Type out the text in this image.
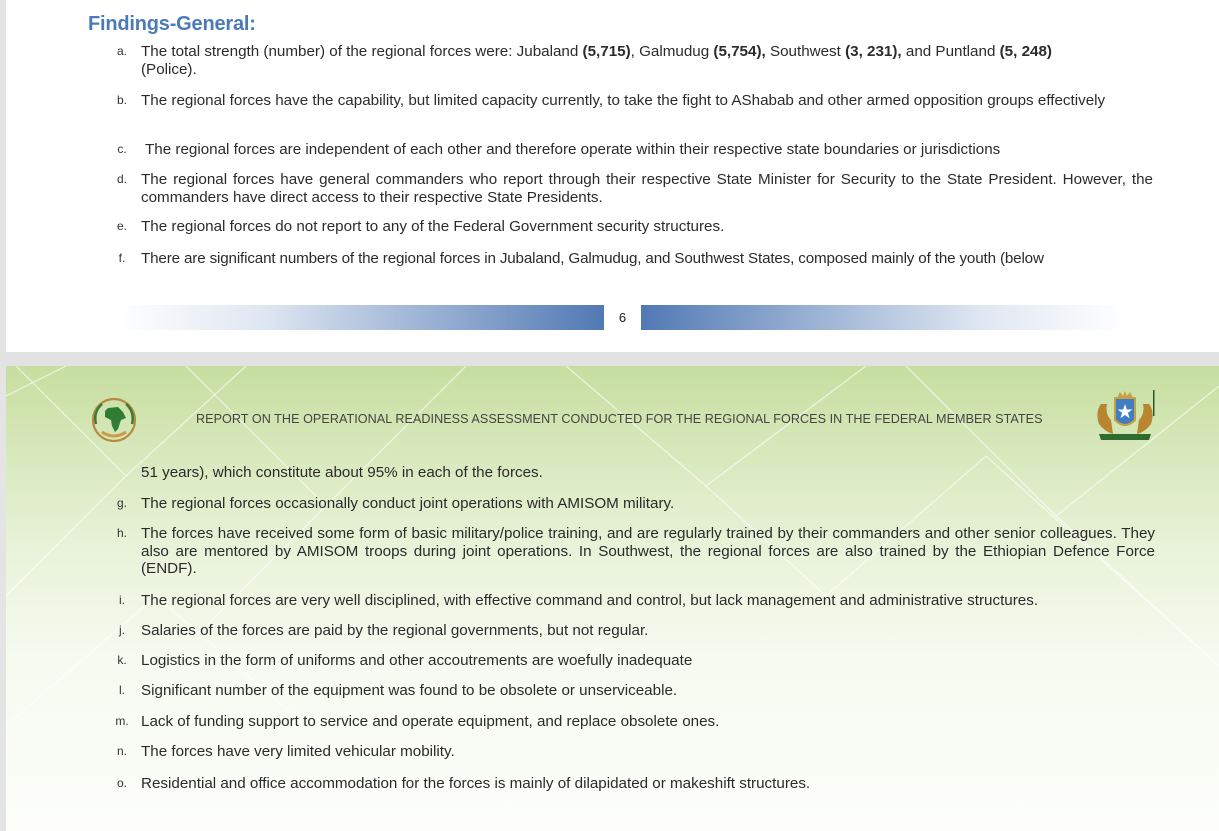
Findings-General:
a. The total strength (number) of the regional forces were: Jubaland (5,715), Galmudug (5,754), Southwest (3, 231), and Puntland (5, 248)
(Police).
b. The regional forces have the capability, but limited capacity currently, to take the fight to AShabab and other armed opposition groups effectively
c.	The regional forces are independent of each other and therefore operate within their respective state boundaries or jurisdictions
d. The regional forces have general commanders who report through their respective State Minister for Security to the State President. However, the commanders have direct access to their respective State Presidents.
e. The regional forces do not report to any of the Federal Government security structures.
f.	There are significant numbers of the regional forces in Jubaland, Galmudug, and Southwest States, composed mainly of the youth (below
6
REPORT ON THE OPERATIONAL READINESS ASSESSMENT CONDUCTED FOR THE REGIONAL FORCES IN THE FEDERAL MEMBER STATES
51 years), which constitute about 95% in each of the forces.
g. The regional forces occasionally conduct joint operations with AMISOM military.
h. The forces have received some form of basic military/police training, and are regularly trained by their commanders and other senior colleagues. They also are mentored by AMISOM troops during joint operations. In Southwest, the regional forces are also trained by the Ethiopian Defence Force (ENDF).
i.	The regional forces are very well disciplined, with effective command and control, but lack management and administrative structures.
j.	Salaries of the forces are paid by the regional governments, but not regular.
k. Logistics in the form of uniforms and other accoutrements are woefully inadequate
l.	Significant number of the equipment was found to be obsolete or unserviceable.
m. Lack of funding support to service and operate equipment, and replace obsolete ones.
n. The forces have very limited vehicular mobility.
o. Residential and office accommodation for the forces is mainly of dilapidated or makeshift structures.
